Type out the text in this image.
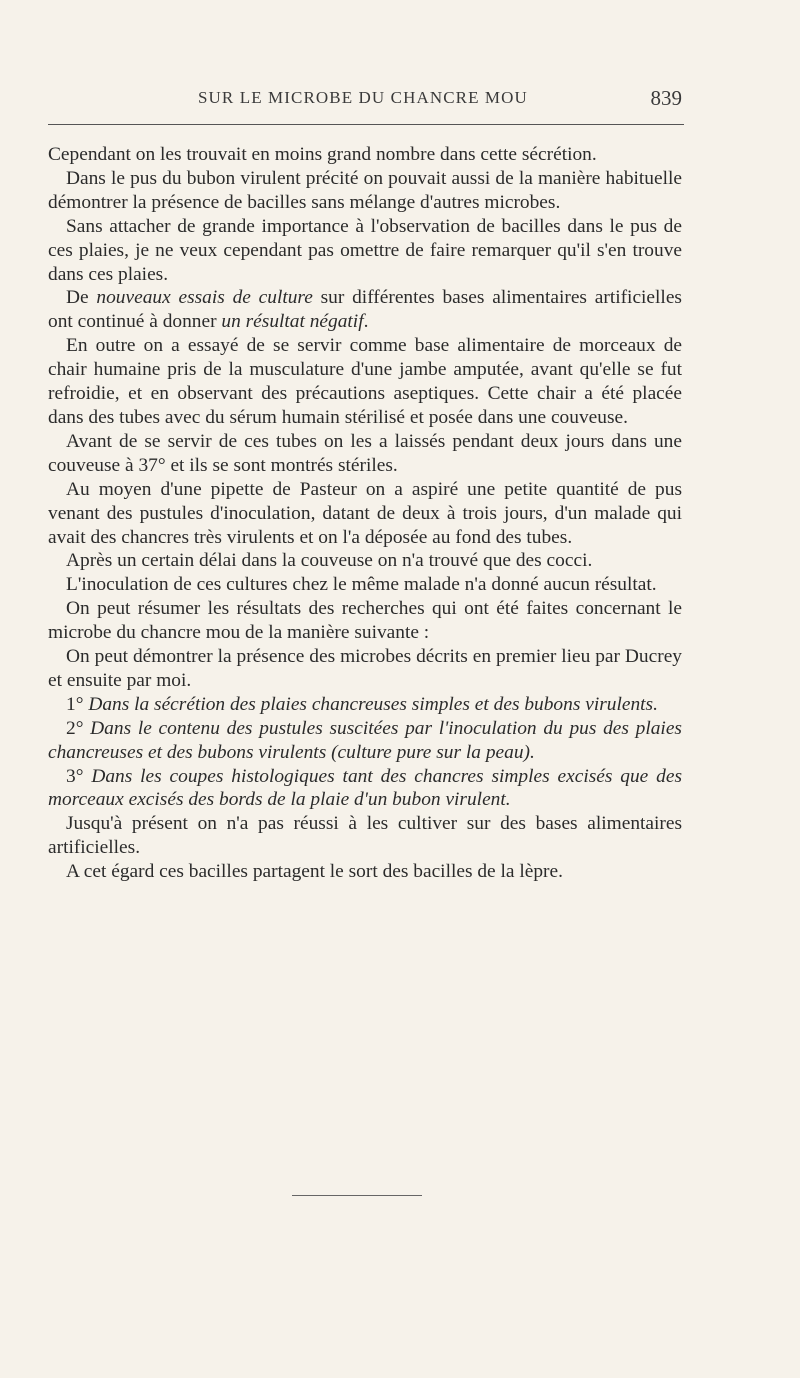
SUR LE MICROBE DU CHANCRE MOU	839

Cependant on les trouvait en moins grand nombre dans cette sécrétion.

Dans le pus du bubon virulent précité on pouvait aussi de la manière habituelle démontrer la présence de bacilles sans mélange d'autres microbes.

Sans attacher de grande importance à l'observation de bacilles dans le pus de ces plaies, je ne veux cependant pas omettre de faire remarquer qu'il s'en trouve dans ces plaies.

De nouveaux essais de culture sur différentes bases alimentaires artificielles ont continué à donner un résultat négatif.

En outre on a essayé de se servir comme base alimentaire de morceaux de chair humaine pris de la musculature d'une jambe amputée, avant qu'elle se fut refroidie, et en observant des précautions aseptiques. Cette chair a été placée dans des tubes avec du sérum humain stérilisé et posée dans une couveuse.

Avant de se servir de ces tubes on les a laissés pendant deux jours dans une couveuse à 37° et ils se sont montrés stériles.

Au moyen d'une pipette de Pasteur on a aspiré une petite quantité de pus venant des pustules d'inoculation, datant de deux à trois jours, d'un malade qui avait des chancres très virulents et on l'a déposée au fond des tubes.

Après un certain délai dans la couveuse on n'a trouvé que des cocci.

L'inoculation de ces cultures chez le même malade n'a donné aucun résultat.

On peut résumer les résultats des recherches qui ont été faites concernant le microbe du chancre mou de la manière suivante :

On peut démontrer la présence des microbes décrits en premier lieu par Ducrey et ensuite par moi.

1° Dans la sécrétion des plaies chancreuses simples et des bubons virulents.

2° Dans le contenu des pustules suscitées par l'inoculation du pus des plaies chancreuses et des bubons virulents (culture pure sur la peau).

3° Dans les coupes histologiques tant des chancres simples excisés que des morceaux excisés des bords de la plaie d'un bubon virulent.

Jusqu'à présent on n'a pas réussi à les cultiver sur des bases alimentaires artificielles.

A cet égard ces bacilles partagent le sort des bacilles de la lèpre.
